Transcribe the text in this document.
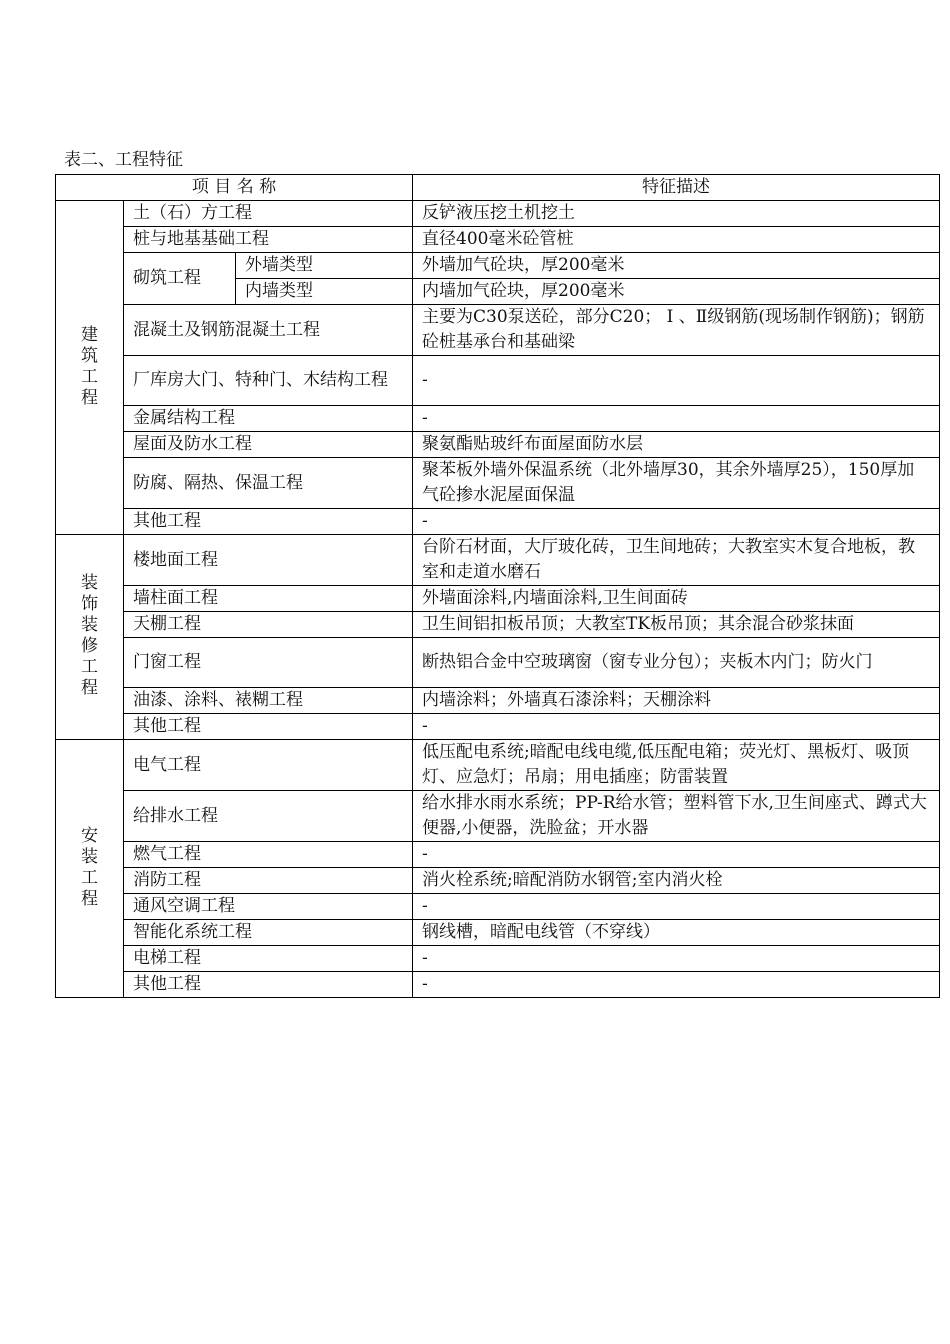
表二、工程特征
项 目 名 称			特征描述
建筑工程	土（石）方工程		反铲液压挖土机挖土
	桩与地基基础工程		直径400毫米砼管桩
	砌筑工程	外墙类型	外墙加气砼块，厚200毫米
		内墙类型	内墙加气砼块，厚200毫米
	混凝土及钢筋混凝土工程		主要为C30泵送砼，部分C20； Ⅰ 、Ⅱ级钢筋(现场制作钢筋)；钢筋砼桩基承台和基础梁
	厂库房大门、特种门、木结构工程		-
	金属结构工程		-
	屋面及防水工程		聚氨酯贴玻纤布面屋面防水层
	防腐、隔热、保温工程		聚苯板外墙外保温系统（北外墙厚30，其余外墙厚25），150厚加气砼掺水泥屋面保温
	其他工程		-
装饰装修工程	楼地面工程		台阶石材面，大厅玻化砖，卫生间地砖；大教室实木复合地板，教室和走道水磨石
	墙柱面工程		外墙面涂料,内墙面涂料,卫生间面砖
	天棚工程		卫生间铝扣板吊顶；大教室TK板吊顶；其余混合砂浆抹面
	门窗工程		断热铝合金中空玻璃窗（窗专业分包）；夹板木内门；防火门
	油漆、涂料、裱糊工程		内墙涂料；外墙真石漆涂料；天棚涂料
	其他工程		-
安装工程	电气工程		低压配电系统;暗配电线电缆,低压配电箱；荧光灯、黑板灯、吸顶灯、应急灯；吊扇；用电插座；防雷装置
	给排水工程		给水排水雨水系统；PP-R给水管；塑料管下水,卫生间座式、蹲式大便器,小便器，洗脸盆；开水器
	燃气工程		-
	消防工程		消火栓系统;暗配消防水钢管;室内消火栓
	通风空调工程		-
	智能化系统工程		钢线槽，暗配电线管（不穿线）
	电梯工程		-
	其他工程		-
